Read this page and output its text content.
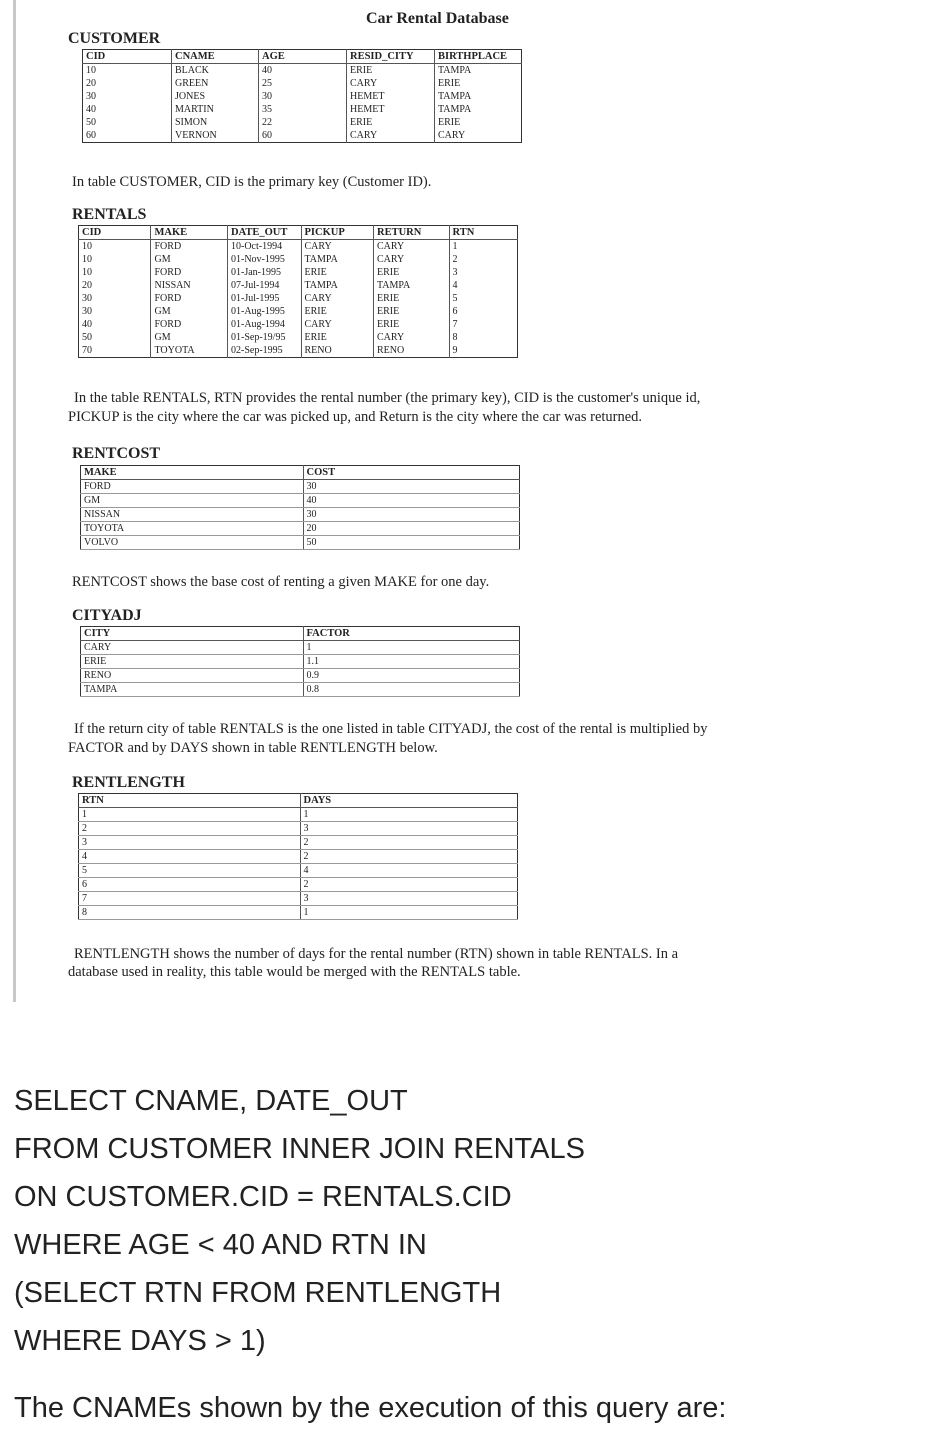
Car Rental Database
CUSTOMER
CID	CNAME	AGE	RESID_CITY	BIRTHPLACE
10	BLACK	40	ERIE	TAMPA
20	GREEN	25	CARY	ERIE
30	JONES	30	HEMET	TAMPA
40	MARTIN	35	HEMET	TAMPA
50	SIMON	22	ERIE	ERIE
60	VERNON	60	CARY	CARY
In table CUSTOMER, CID is the primary key (Customer ID).
RENTALS
CID	MAKE	DATE_OUT	PICKUP	RETURN	RTN
10	FORD	10-Oct-1994	CARY	CARY	1
10	GM	01-Nov-1995	TAMPA	CARY	2
10	FORD	01-Jan-1995	ERIE	ERIE	3
20	NISSAN	07-Jul-1994	TAMPA	TAMPA	4
30	FORD	01-Jul-1995	CARY	ERIE	5
30	GM	01-Aug-1995	ERIE	ERIE	6
40	FORD	01-Aug-1994	CARY	ERIE	7
50	GM	01-Sep-19/95	ERIE	CARY	8
70	TOYOTA	02-Sep-1995	RENO	RENO	9
In the table RENTALS, RTN provides the rental number (the primary key), CID is the customer's unique id,
PICKUP is the city where the car was picked up, and Return is the city where the car was returned.
RENTCOST
MAKE	COST
FORD	30
GM	40
NISSAN	30
TOYOTA	20
VOLVO	50
RENTCOST shows the base cost of renting a given MAKE for one day.
CITYADJ
CITY	FACTOR
CARY	1
ERIE	1.1
RENO	0.9
TAMPA	0.8
If the return city of table RENTALS is the one listed in table CITYADJ, the cost of the rental is multiplied by
FACTOR and by DAYS shown in table RENTLENGTH below.
RENTLENGTH
RTN	DAYS
1	1
2	3
3	2
4	2
5	4
6	2
7	3
8	1
RENTLENGTH shows the number of days for the rental number (RTN) shown in table RENTALS. In a
database used in reality, this table would be merged with the RENTALS table.
SELECT CNAME, DATE_OUT
FROM CUSTOMER INNER JOIN RENTALS
ON CUSTOMER.CID = RENTALS.CID
WHERE AGE < 40 AND RTN IN
(SELECT RTN FROM RENTLENGTH
WHERE DAYS > 1)
The CNAMEs shown by the execution of this query are:
